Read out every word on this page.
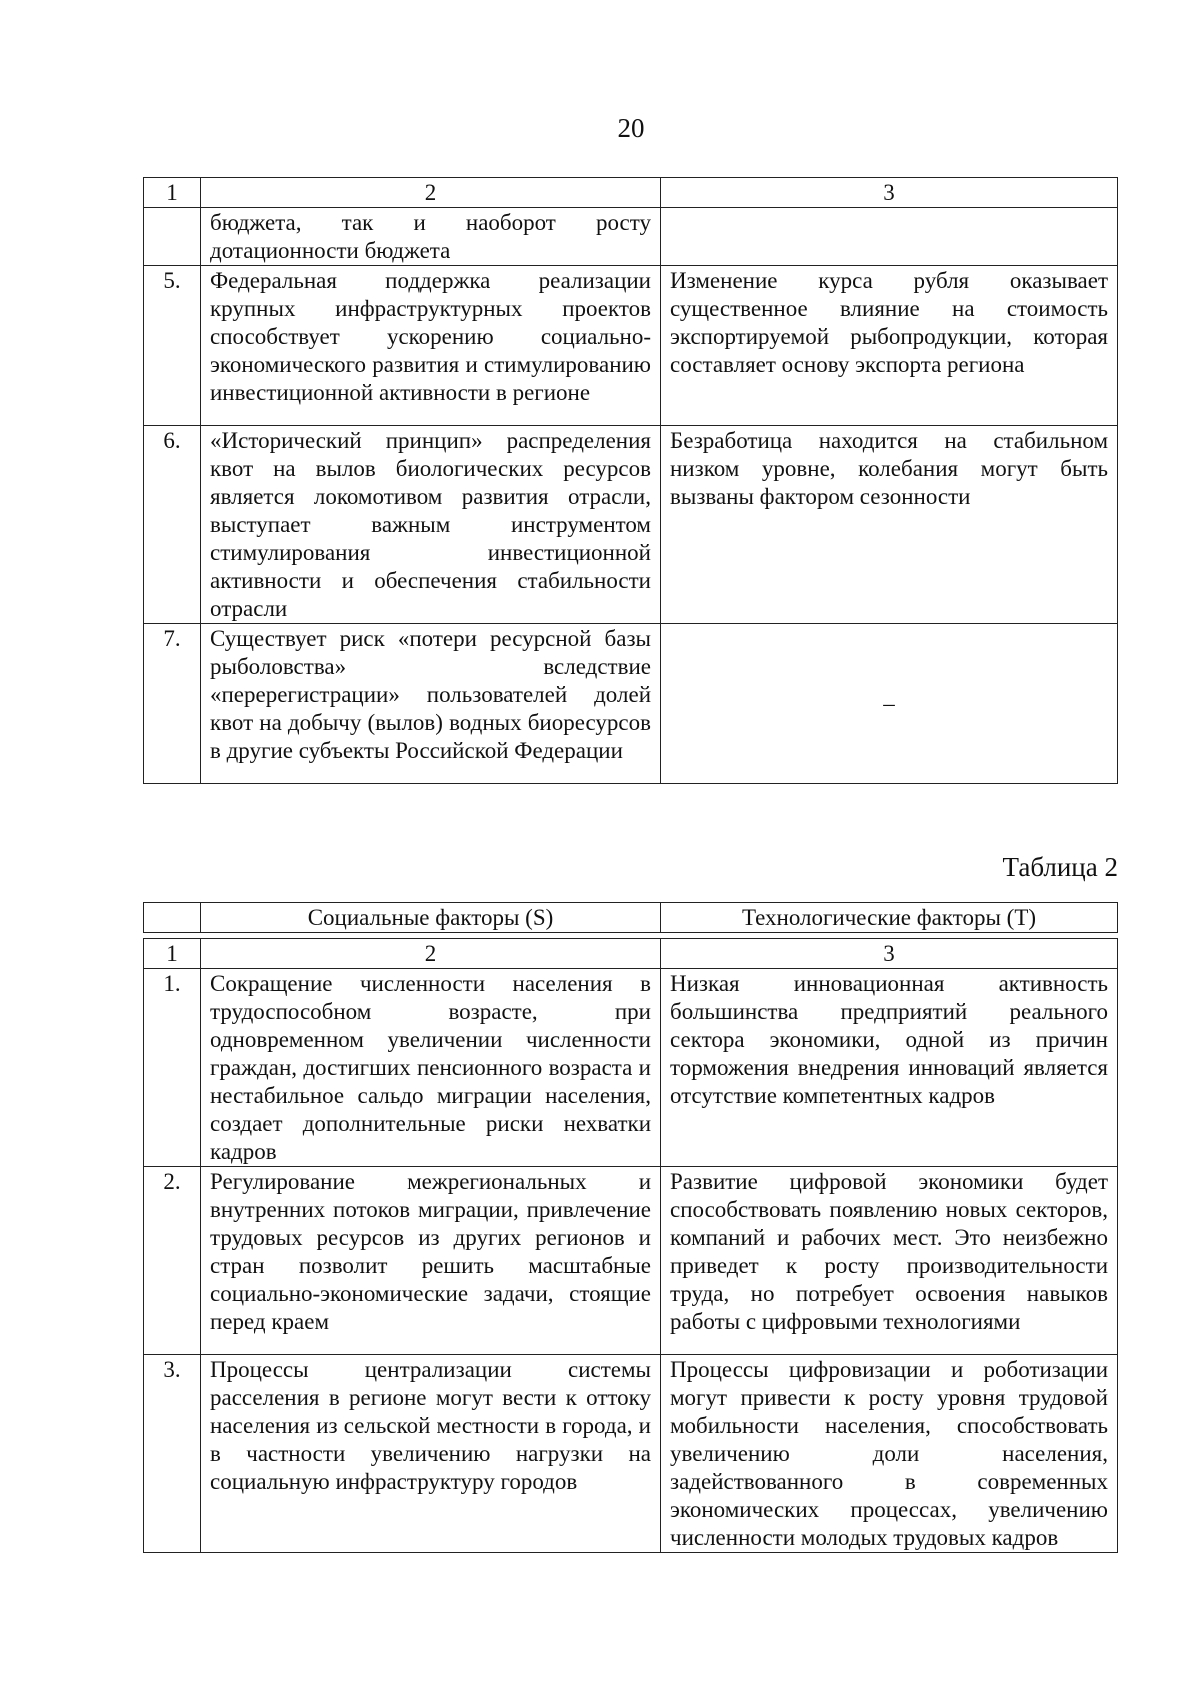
20
1	2	3
	бюджета, так и наоборот росту дотационности бюджета	
5.	Федеральная поддержка реализации крупных инфраструктурных проектов способствует ускорению социально-экономического развития и стимулированию инвестиционной активности в регионе	Изменение курса рубля оказывает существенное влияние на стоимость экспортируемой рыбопродукции, которая составляет основу экспорта региона
6.	«Исторический принцип» распределения квот на вылов биологических ресурсов является локомотивом развития отрасли, выступает важным инструментом стимулирования инвестиционной активности и обеспечения стабильности отрасли	Безработица находится на стабильном низком уровне, колебания могут быть вызваны фактором сезонности
7.	Существует риск «потери ресурсной базы рыболовства» вследствие «перерегистрации» пользователей долей квот на добычу (вылов) водных биоресурсов в другие субъекты Российской Федерации	–
Таблица 2
	Социальные факторы (S)	Технологические факторы (Т)
1	2	3
1.	Сокращение численности населения в трудоспособном возрасте, при одновременном увеличении численности граждан, достигших пенсионного возраста и нестабильное сальдо миграции населения, создает дополнительные риски нехватки кадров	Низкая инновационная активность большинства предприятий реального сектора экономики, одной из причин торможения внедрения инноваций является отсутствие компетентных кадров
2.	Регулирование межрегиональных и внутренних потоков миграции, привлечение трудовых ресурсов из других регионов и стран позволит решить масштабные социально-экономические задачи, стоящие перед краем	Развитие цифровой экономики будет способствовать появлению новых секторов, компаний и рабочих мест. Это неизбежно приведет к росту производительности труда, но потребует освоения навыков работы с цифровыми технологиями
3.	Процессы централизации системы расселения в регионе могут вести к оттоку населения из сельской местности в города, и в частности увеличению нагрузки на социальную инфраструктуру городов	Процессы цифровизации и роботизации могут привести к росту уровня трудовой мобильности населения, способствовать увеличению доли населения, задействованного в современных экономических процессах, увеличению численности молодых трудовых кадров
